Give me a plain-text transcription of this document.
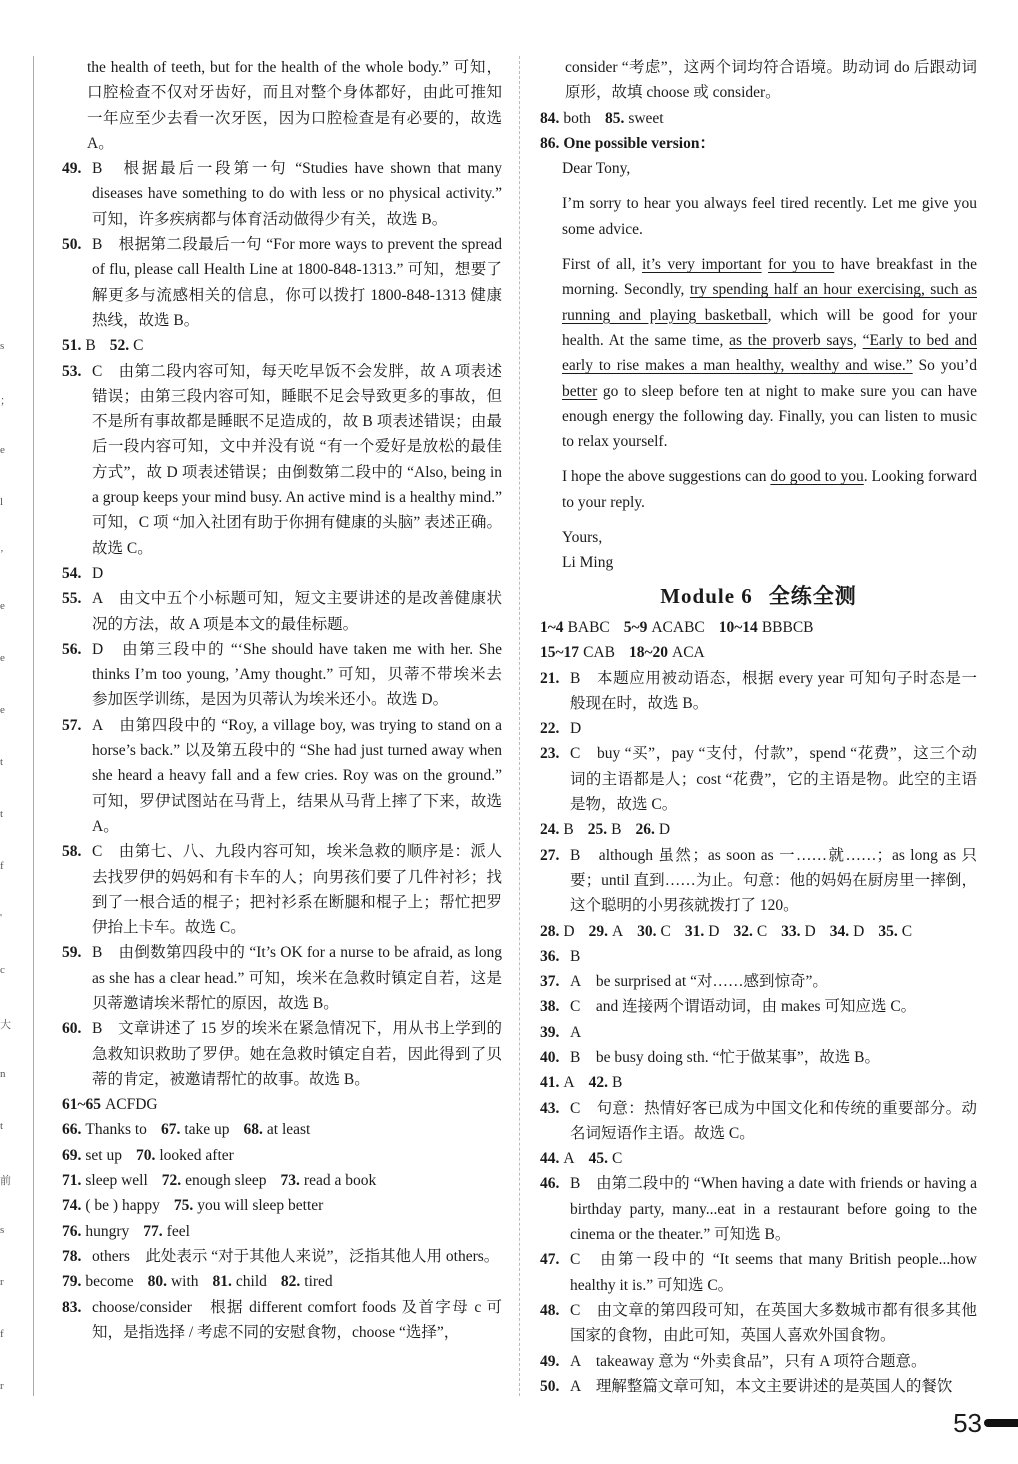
s
；
e
l
’
e
e
e
t
t
f
'
c
大
n
t
前
s
r
f
r
the health of teeth, but for the health of the whole body.” 可知，口腔检查不仅对牙齿好，而且对整个身体都好，由此可推知一年应至少去看一次牙医，因为口腔检查是有必要的，故选 A。
49. B　根据最后一段第一句 “Studies have shown that many diseases have something to do with less or no physical activity.” 可知，许多疾病都与体育活动做得少有关，故选 B。
50. B　根据第二段最后一句 “For more ways to prevent the spread of flu, please call Health Line at 1800-848-1313.” 可知，想要了解更多与流感相关的信息，你可以拨打 1800-848-1313 健康热线，故选 B。
51. B 52. C
53. C　由第二段内容可知，每天吃早饭不会发胖，故 A 项表述错误；由第三段内容可知，睡眠不足会导致更多的事故，但不是所有事故都是睡眠不足造成的，故 B 项表述错误；由最后一段内容可知，文中并没有说 “有一个爱好是放松的最佳方式”，故 D 项表述错误；由倒数第二段中的 “Also, being in a group keeps your mind busy. An active mind is a healthy mind.” 可知，C 项 “加入社团有助于你拥有健康的头脑” 表述正确。故选 C。
54. D
55. A　由文中五个小标题可知，短文主要讲述的是改善健康状况的方法，故 A 项是本文的最佳标题。
56. D　由第三段中的 “‘She should have taken me with her. She thinks I’m too young, ’Amy thought.” 可知，贝蒂不带埃米去参加医学训练，是因为贝蒂认为埃米还小。故选 D。
57. A　由第四段中的 “Roy, a village boy, was trying to stand on a horse’s back.” 以及第五段中的 “She had just turned away when she heard a heavy fall and a few cries. Roy was on the ground.” 可知，罗伊试图站在马背上，结果从马背上摔了下来，故选 A。
58. C　由第七、八、九段内容可知，埃米急救的顺序是：派人去找罗伊的妈妈和有卡车的人；向男孩们要了几件衬衫；找到了一根合适的棍子；把衬衫系在断腿和棍子上；帮忙把罗伊抬上卡车。故选 C。
59. B　由倒数第四段中的 “It’s OK for a nurse to be afraid, as long as she has a clear head.” 可知，埃米在急救时镇定自若，这是贝蒂邀请埃米帮忙的原因，故选 B。
60. B　文章讲述了 15 岁的埃米在紧急情况下，用从书上学到的急救知识救助了罗伊。她在急救时镇定自若，因此得到了贝蒂的肯定，被邀请帮忙的故事。故选 B。
61~65 ACFDG
66. Thanks to 67. take up 68. at least
69. set up 70. looked after
71. sleep well 72. enough sleep 73. read a book
74. ( be ) happy 75. you will sleep better
76. hungry 77. feel
78. others　此处表示 “对于其他人来说”，泛指其他人用 others。
79. become 80. with 81. child 82. tired
83. choose/consider　根据 different comfort foods 及首字母 c 可知，是指选择 / 考虑不同的安慰食物，choose “选择”，
consider “考虑”，这两个词均符合语境。助动词 do 后跟动词原形，故填 choose 或 consider。
84. both 85. sweet
86. One possible version：

Dear Tony,

I’m sorry to hear you always feel tired recently. Let me give you some advice.

First of all, it’s very important for you to have breakfast in the morning. Secondly, try spending half an hour exercising, such as running and playing basketball, which will be good for your health. At the same time, as the proverb says, “Early to bed and early to rise makes a man healthy, wealthy and wise.” So you’d better go to sleep before ten at night to make sure you can have enough energy the following day. Finally, you can listen to music to relax yourself.

I hope the above suggestions can do good to you. Looking forward to your reply.

Yours,

Li Ming

Module 6 全练全测
1~4 BABC 5~9 ACABC 10~14 BBBCB
15~17 CAB 18~20 ACA
21. B　本题应用被动语态，根据 every year 可知句子时态是一般现在时，故选 B。
22. D
23. C　buy “买”，pay “支付，付款”，spend “花费”，这三个动词的主语都是人；cost “花费”，它的主语是物。此空的主语是物，故选 C。
24. B 25. B 26. D
27. B　although 虽然；as soon as 一……就……；as long as 只要；until 直到……为止。句意：他的妈妈在厨房里一摔倒，这个聪明的小男孩就拨打了 120。
28. D 29. A 30. C 31. D 32. C 33. D 34. D 35. C
36. B
37. A　be surprised at “对……感到惊奇”。
38. C　and 连接两个谓语动词，由 makes 可知应选 C。
39. A
40. B　be busy doing sth. “忙于做某事”，故选 B。
41. A 42. B
43. C　句意：热情好客已成为中国文化和传统的重要部分。动名词短语作主语。故选 C。
44. A 45. C
46. B　由第二段中的 “When having a date with friends or having a birthday party, many...eat in a restaurant before going to the cinema or the theater.” 可知选 B。
47. C　由第一段中的 “It seems that many British people...how healthy it is.” 可知选 C。
48. C　由文章的第四段可知，在英国大多数城市都有很多其他国家的食物，由此可知，英国人喜欢外国食物。
49. A　takeaway 意为 “外卖食品”，只有 A 项符合题意。
50. A　理解整篇文章可知，本文主要讲述的是英国人的餐饮
53
